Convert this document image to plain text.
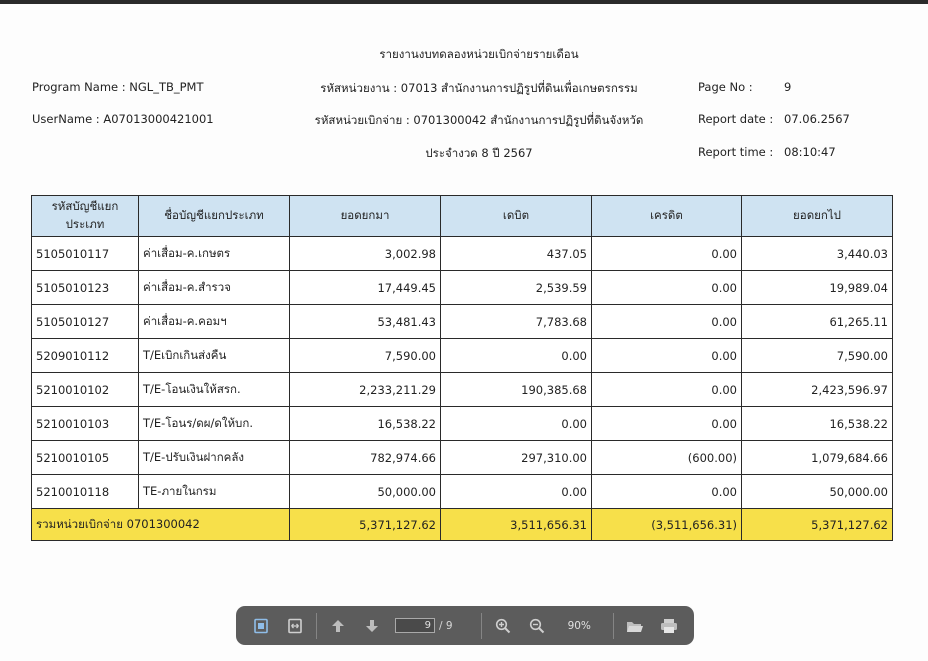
รายงานงบทดลองหน่วยเบิกจ่ายรายเดือน
Program Name : NGL_TB_PMT	รหัสหน่วยงาน : 07013 สำนักงานการปฏิรูปที่ดินเพื่อเกษตรกรรม	Page No :	9
UserName : A07013000421001	รหัสหน่วยเบิกจ่าย : 0701300042 สำนักงานการปฏิรูปที่ดินจังหวัด	Report date : 07.06.2567
ประจำงวด 8 ปี 2567	Report time : 08:10:47
รหัสบัญชีแยกประเภท	ชื่อบัญชีแยกประเภท	ยอดยกมา	เดบิต	เครดิต	ยอดยกไป
5105010117	ค่าเสื่อม-ค.เกษตร	3,002.98	437.05	0.00	3,440.03
5105010123	ค่าเสื่อม-ค.สำรวจ	17,449.45	2,539.59	0.00	19,989.04
5105010127	ค่าเสื่อม-ค.คอมฯ	53,481.43	7,783.68	0.00	61,265.11
5209010112	T/Eเบิกเกินส่งคืน	7,590.00	0.00	0.00	7,590.00
5210010102	T/E-โอนเงินให้สรก.	2,233,211.29	190,385.68	0.00	2,423,596.97
5210010103	T/E-โอนร/ดผ/ดให้บก.	16,538.22	0.00	0.00	16,538.22
5210010105	T/E-ปรับเงินฝากคลัง	782,974.66	297,310.00	(600.00)	1,079,684.66
5210010118	TE-ภายในกรม	50,000.00	0.00	0.00	50,000.00
รวมหน่วยเบิกจ่าย 0701300042		5,371,127.62	3,511,656.31	(3,511,656.31)	5,371,127.62
9
/ 9	90%
